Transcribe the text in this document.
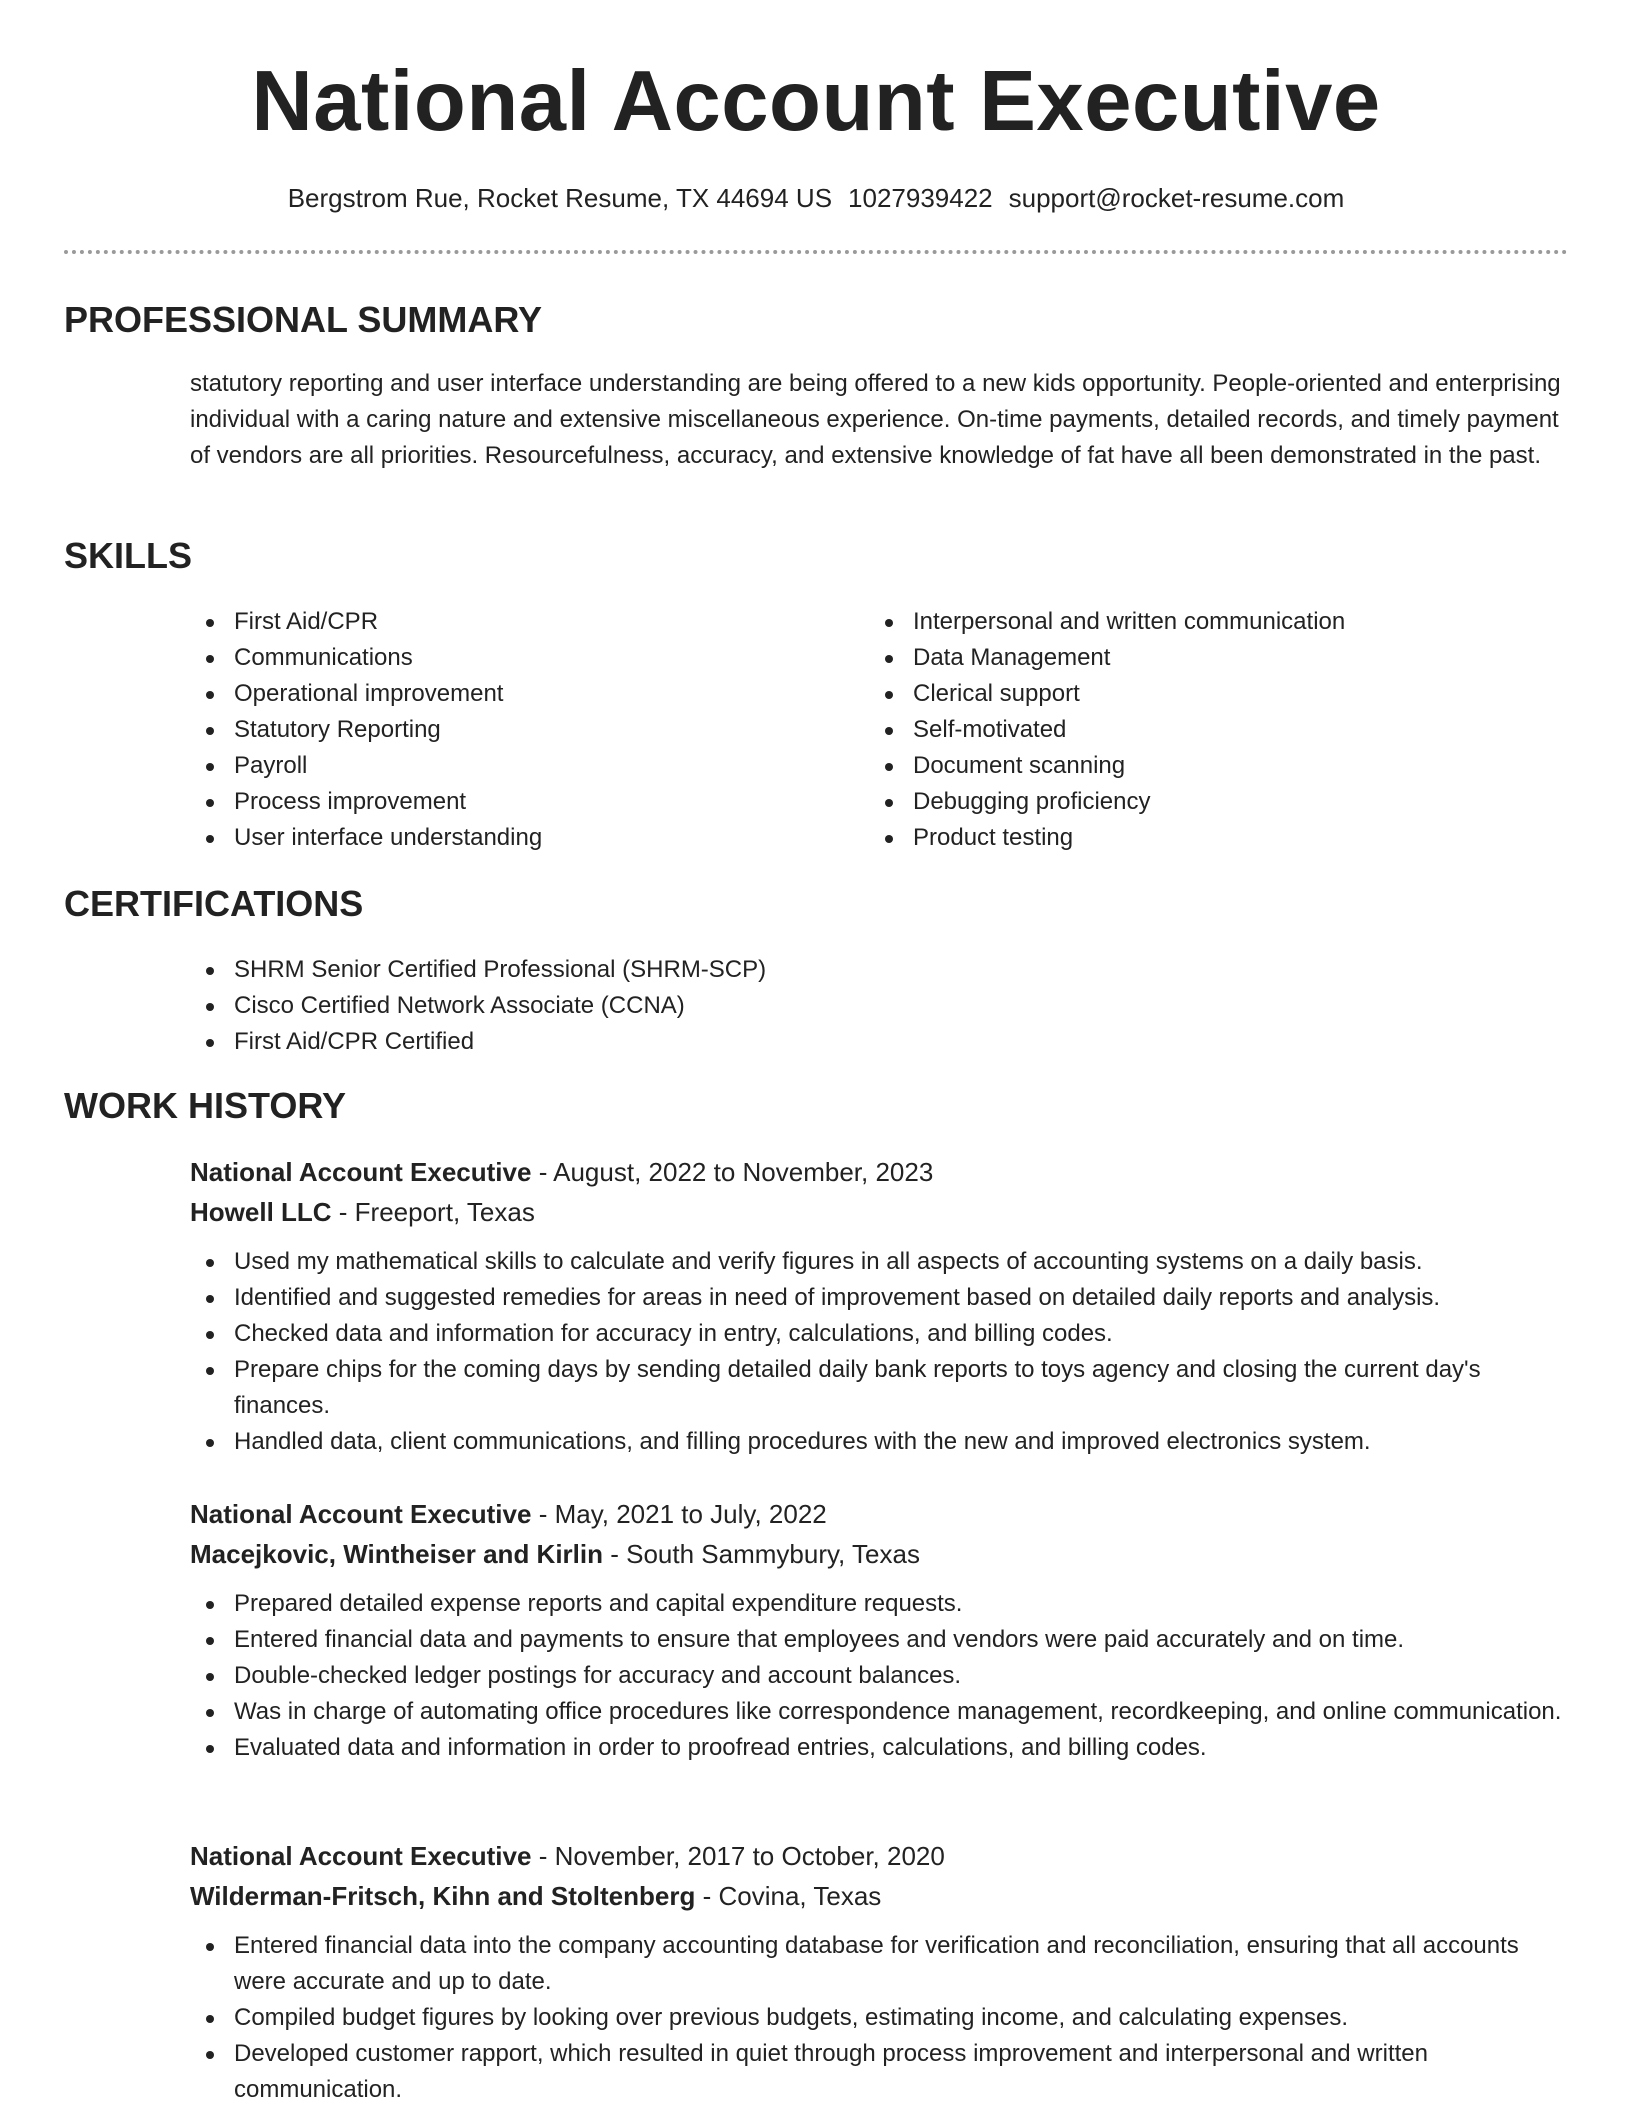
National Account Executive
Bergstrom Rue, Rocket Resume, TX 44694 US 1027939422 support@rocket-resume.com
PROFESSIONAL SUMMARY

statutory reporting and user interface understanding are being offered to a new kids opportunity. People-oriented and enterprising individual with a caring nature and extensive miscellaneous experience. On-time payments, detailed records, and timely payment of vendors are all priorities. Resourcefulness, accuracy, and extensive knowledge of fat have all been demonstrated in the past.

SKILLS
First Aid/CPR
Communications
Operational improvement
Statutory Reporting
Payroll
Process improvement
User interface understanding
Interpersonal and written communication
Data Management
Clerical support
Self-motivated
Document scanning
Debugging proficiency
Product testing
CERTIFICATIONS
SHRM Senior Certified Professional (SHRM-SCP)
Cisco Certified Network Associate (CCNA)
First Aid/CPR Certified
WORK HISTORY
National Account Executive - August, 2022 to November, 2023
Howell LLC - Freeport, Texas
Used my mathematical skills to calculate and verify figures in all aspects of accounting systems on a daily basis.
Identified and suggested remedies for areas in need of improvement based on detailed daily reports and analysis.
Checked data and information for accuracy in entry, calculations, and billing codes.
Prepare chips for the coming days by sending detailed daily bank reports to toys agency and closing the current day's finances.
Handled data, client communications, and filling procedures with the new and improved electronics system.
National Account Executive - May, 2021 to July, 2022
Macejkovic, Wintheiser and Kirlin - South Sammybury, Texas
Prepared detailed expense reports and capital expenditure requests.
Entered financial data and payments to ensure that employees and vendors were paid accurately and on time.
Double-checked ledger postings for accuracy and account balances.
Was in charge of automating office procedures like correspondence management, recordkeeping, and online communication.
Evaluated data and information in order to proofread entries, calculations, and billing codes.
National Account Executive - November, 2017 to October, 2020
Wilderman-Fritsch, Kihn and Stoltenberg - Covina, Texas
Entered financial data into the company accounting database for verification and reconciliation, ensuring that all accounts were accurate and up to date.
Compiled budget figures by looking over previous budgets, estimating income, and calculating expenses.
Developed customer rapport, which resulted in quiet through process improvement and interpersonal and written communication.
